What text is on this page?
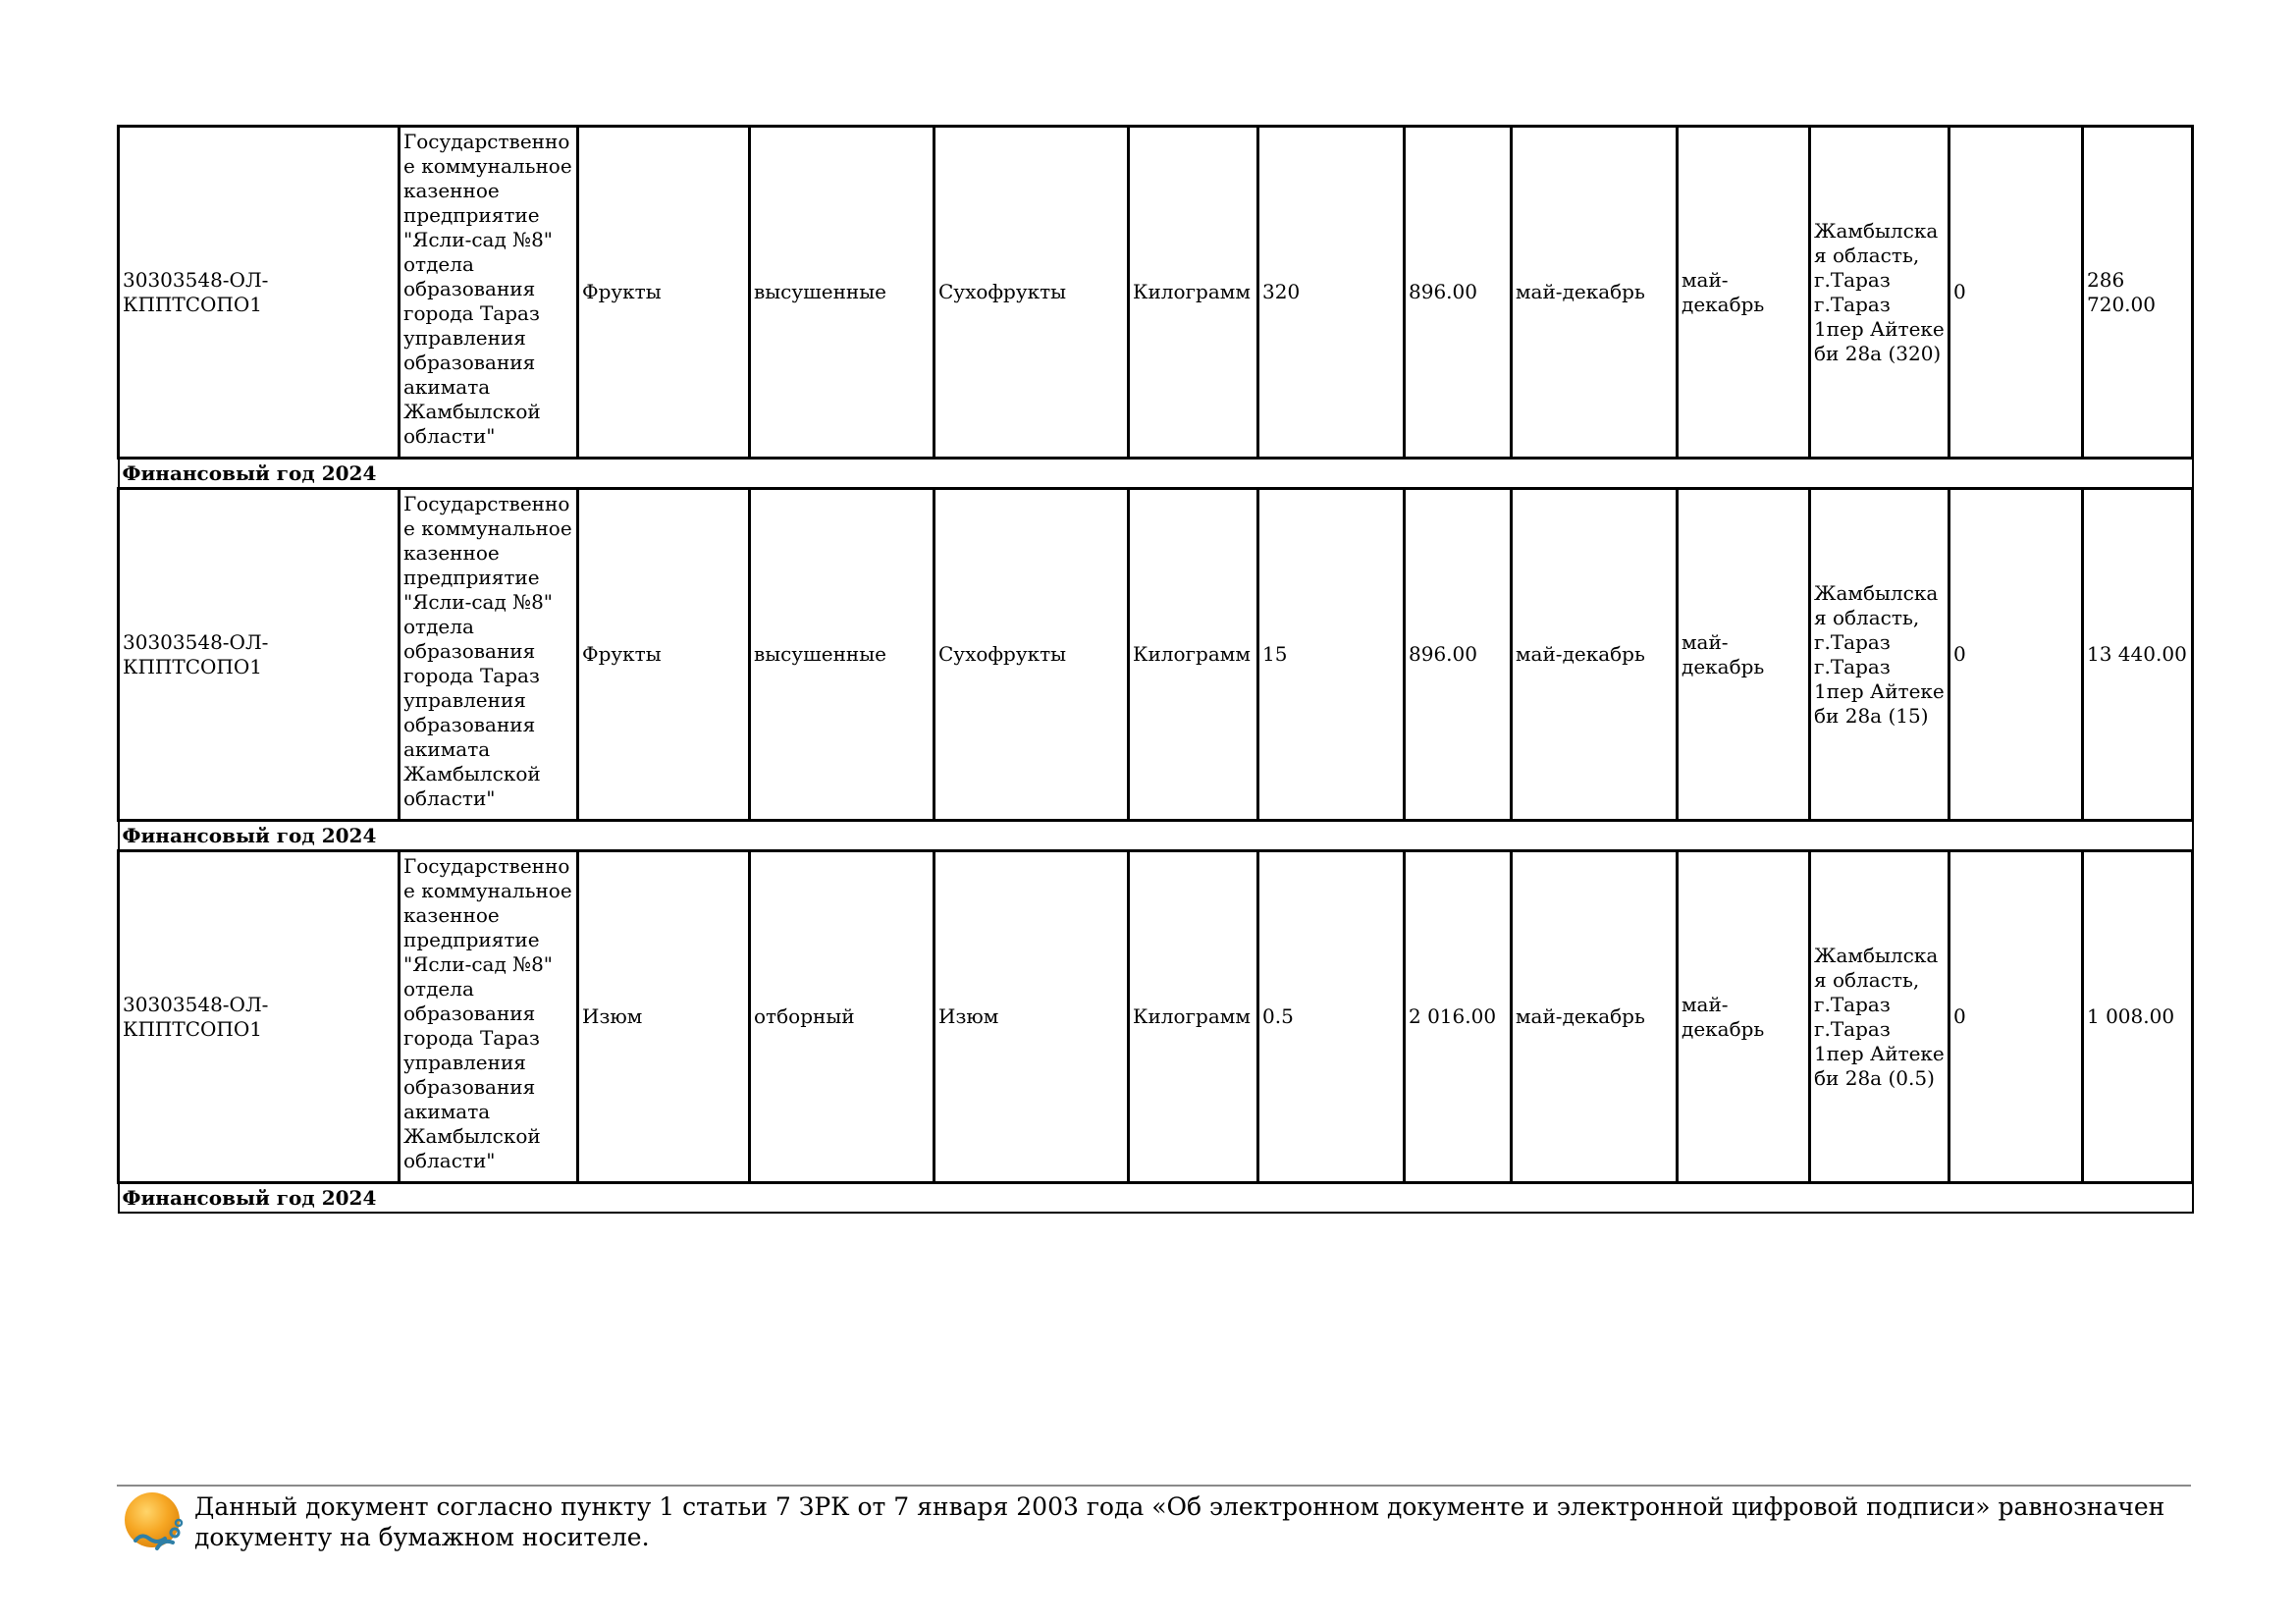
30303548-ОЛ-КППТСОПО1	Государственное коммунальное казенное предприятие "Ясли-сад №8" отдела образования города Тараз управления образования акимата Жамбылской области"	Фрукты	высушенные	Сухофрукты	Килограмм	320	896.00	май-декабрь	май-декабрь	Жамбылская область, г.Тараз г.Тараз 1пер Айтеке би 28а (320)	0	286 720.00
Финансовый год 2024												
30303548-ОЛ-КППТСОПО1	Государственное коммунальное казенное предприятие "Ясли-сад №8" отдела образования города Тараз управления образования акимата Жамбылской области"	Фрукты	высушенные	Сухофрукты	Килограмм	15	896.00	май-декабрь	май-декабрь	Жамбылская область, г.Тараз г.Тараз 1пер Айтеке би 28а (15)	0	13 440.00
Финансовый год 2024												
30303548-ОЛ-КППТСОПО1	Государственное коммунальное казенное предприятие "Ясли-сад №8" отдела образования города Тараз управления образования акимата Жамбылской области"	Изюм	отборный	Изюм	Килограмм	0.5	2 016.00	май-декабрь	май-декабрь	Жамбылская область, г.Тараз г.Тараз 1пер Айтеке би 28а (0.5)	0	1 008.00
Финансовый год 2024												
Данный документ согласно пункту 1 статьи 7 ЗРК от 7 января 2003 года «Об электронном документе и электронной цифровой подписи» равнозначен документу на бумажном носителе.
